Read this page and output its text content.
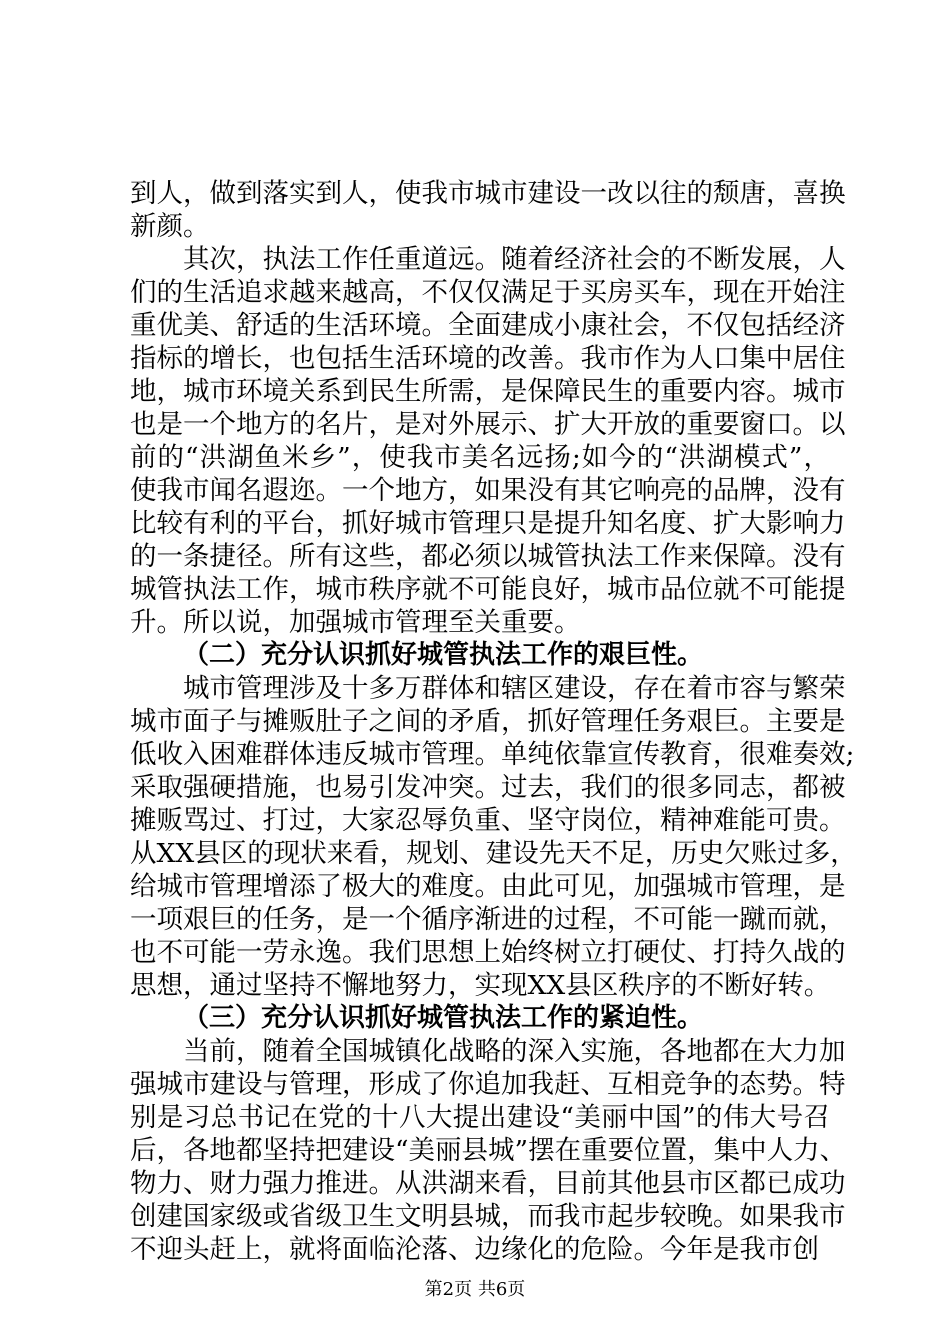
到人，做到落实到人，使我市城市建设一改以往的颓唐，喜换
新颜。
　　其次，执法工作任重道远。随着经济社会的不断发展，人
们的生活追求越来越高，不仅仅满足于买房买车，现在开始注
重优美、舒适的生活环境。全面建成小康社会，不仅包括经济
指标的增长，也包括生活环境的改善。我市作为人口集中居住
地，城市环境关系到民生所需，是保障民生的重要内容。城市
也是一个地方的名片，是对外展示、扩大开放的重要窗口。以
前的“洪湖鱼米乡”，使我市美名远扬;如今的“洪湖模式”，
使我市闻名遐迩。一个地方，如果没有其它响亮的品牌，没有
比较有利的平台，抓好城市管理只是提升知名度、扩大影响力
的一条捷径。所有这些，都必须以城管执法工作来保障。没有
城管执法工作，城市秩序就不可能良好，城市品位就不可能提
升。所以说，加强城市管理至关重要。
（二）充分认识抓好城管执法工作的艰巨性。
　　城市管理涉及十多万群体和辖区建设，存在着市容与繁荣
城市面子与摊贩肚子之间的矛盾，抓好管理任务艰巨。主要是
低收入困难群体违反城市管理。单纯依靠宣传教育，很难奏效;
采取强硬措施，也易引发冲突。过去，我们的很多同志，都被
摊贩骂过、打过，大家忍辱负重、坚守岗位，精神难能可贵。
从XX县区的现状来看，规划、建设先天不足，历史欠账过多，
给城市管理增添了极大的难度。由此可见，加强城市管理，是
一项艰巨的任务，是一个循序渐进的过程，不可能一蹴而就，
也不可能一劳永逸。我们思想上始终树立打硬仗、打持久战的
思想，通过坚持不懈地努力，实现XX县区秩序的不断好转。
（三）充分认识抓好城管执法工作的紧迫性。
　　当前，随着全国城镇化战略的深入实施，各地都在大力加
强城市建设与管理，形成了你追加我赶、互相竞争的态势。特
别是习总书记在党的十八大提出建设“美丽中国”的伟大号召
后，各地都坚持把建设“美丽县城”摆在重要位置，集中人力、
物力、财力强力推进。从洪湖来看，目前其他县市区都已成功
创建国家级或省级卫生文明县城，而我市起步较晚。如果我市
不迎头赶上，就将面临沦落、边缘化的危险。今年是我市创
第2页 共6页
